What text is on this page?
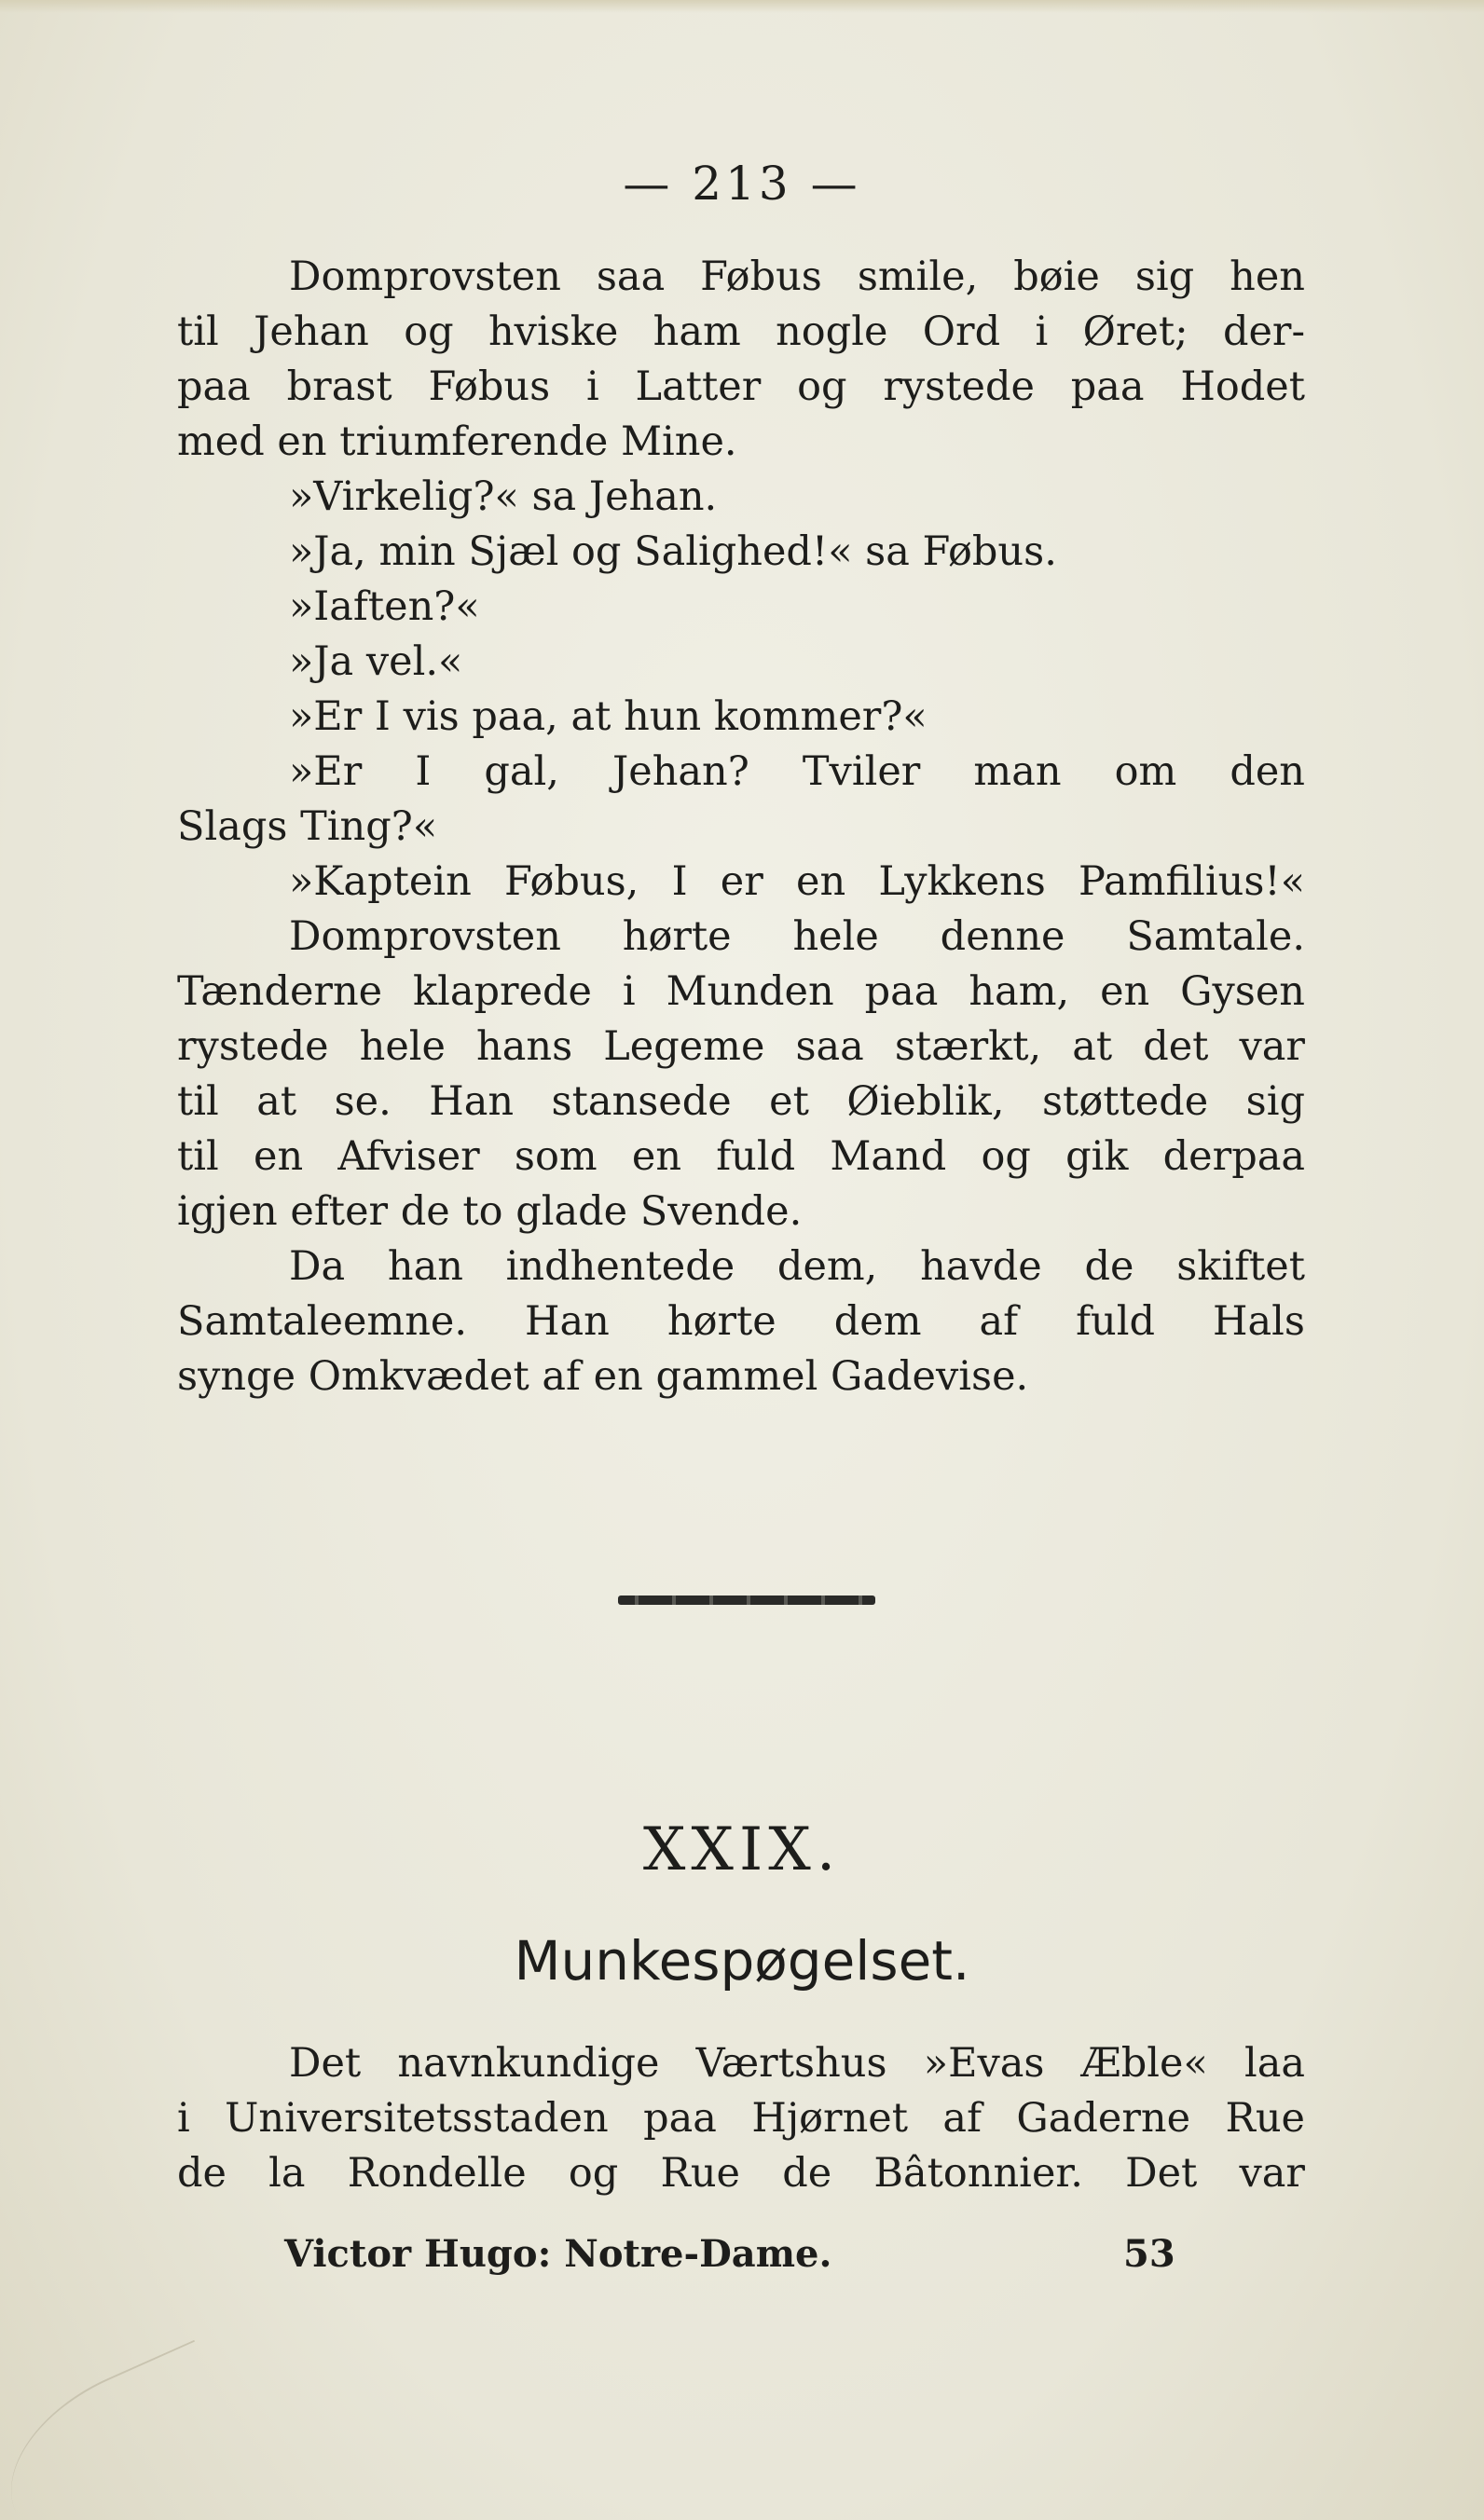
— 213 —
Domprovsten saa Føbus smile, bøie sig hen
til Jehan og hviske ham nogle Ord i Øret; der-
paa brast Føbus i Latter og rystede paa Hodet
med en triumferende Mine.
»Virkelig?« sa Jehan.
»Ja, min Sjæl og Salighed!« sa Føbus.
»Iaften?«
»Ja vel.«
»Er I vis paa, at hun kommer?«
»Er I gal, Jehan? Tviler man om den
Slags Ting?«
»Kaptein Føbus, I er en Lykkens Pamfilius!«
Domprovsten hørte hele denne Samtale.
Tænderne klaprede i Munden paa ham, en Gysen
rystede hele hans Legeme saa stærkt, at det var
til at se. Han stansede et Øieblik, støttede sig
til en Afviser som en fuld Mand og gik derpaa
igjen efter de to glade Svende.
Da han indhentede dem, havde de skiftet
Samtaleemne. Han hørte dem af fuld Hals
synge Omkvædet af en gammel Gadevise.
XXIX.
Munkespøgelset.
Det navnkundige Værtshus »Evas Æble« laa
i Universitetsstaden paa Hjørnet af Gaderne Rue
de la Rondelle og Rue de Bâtonnier. Det var
Victor Hugo: Notre-Dame.	53
